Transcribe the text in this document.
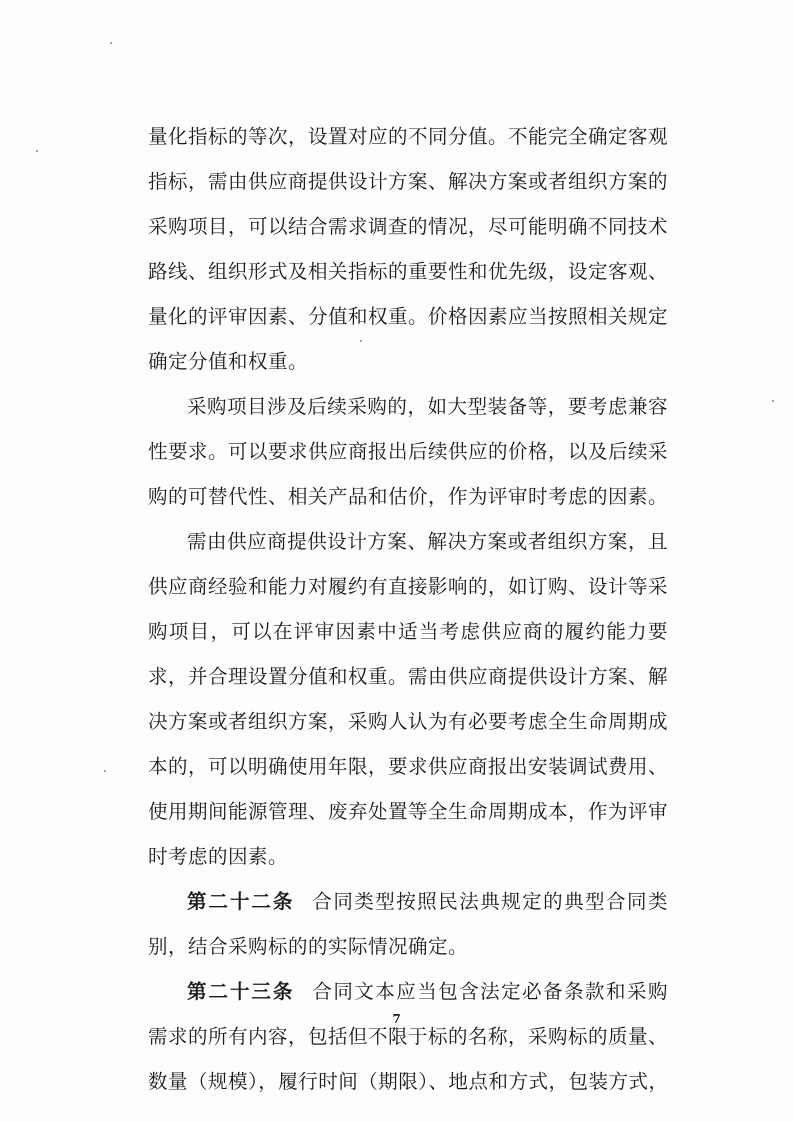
量化指标的等次，设置对应的不同分值。不能完全确定客观
指标，需由供应商提供设计方案、解决方案或者组织方案的
采购项目，可以结合需求调查的情况，尽可能明确不同技术
路线、组织形式及相关指标的重要性和优先级，设定客观、
量化的评审因素、分值和权重。价格因素应当按照相关规定
确定分值和权重。
采购项目涉及后续采购的，如大型装备等，要考虑兼容
性要求。可以要求供应商报出后续供应的价格，以及后续采
购的可替代性、相关产品和估价，作为评审时考虑的因素。
需由供应商提供设计方案、解决方案或者组织方案，且
供应商经验和能力对履约有直接影响的，如订购、设计等采
购项目，可以在评审因素中适当考虑供应商的履约能力要
求，并合理设置分值和权重。需由供应商提供设计方案、解
决方案或者组织方案，采购人认为有必要考虑全生命周期成
本的，可以明确使用年限，要求供应商报出安装调试费用、
使用期间能源管理、废弃处置等全生命周期成本，作为评审
时考虑的因素。
第二十二条 合同类型按照民法典规定的典型合同类
别，结合采购标的的实际情况确定。
第二十三条 合同文本应当包含法定必备条款和采购
需求的所有内容，包括但不限于标的名称，采购标的质量、
数量（规模），履行时间（期限）、地点和方式，包装方式，
7
